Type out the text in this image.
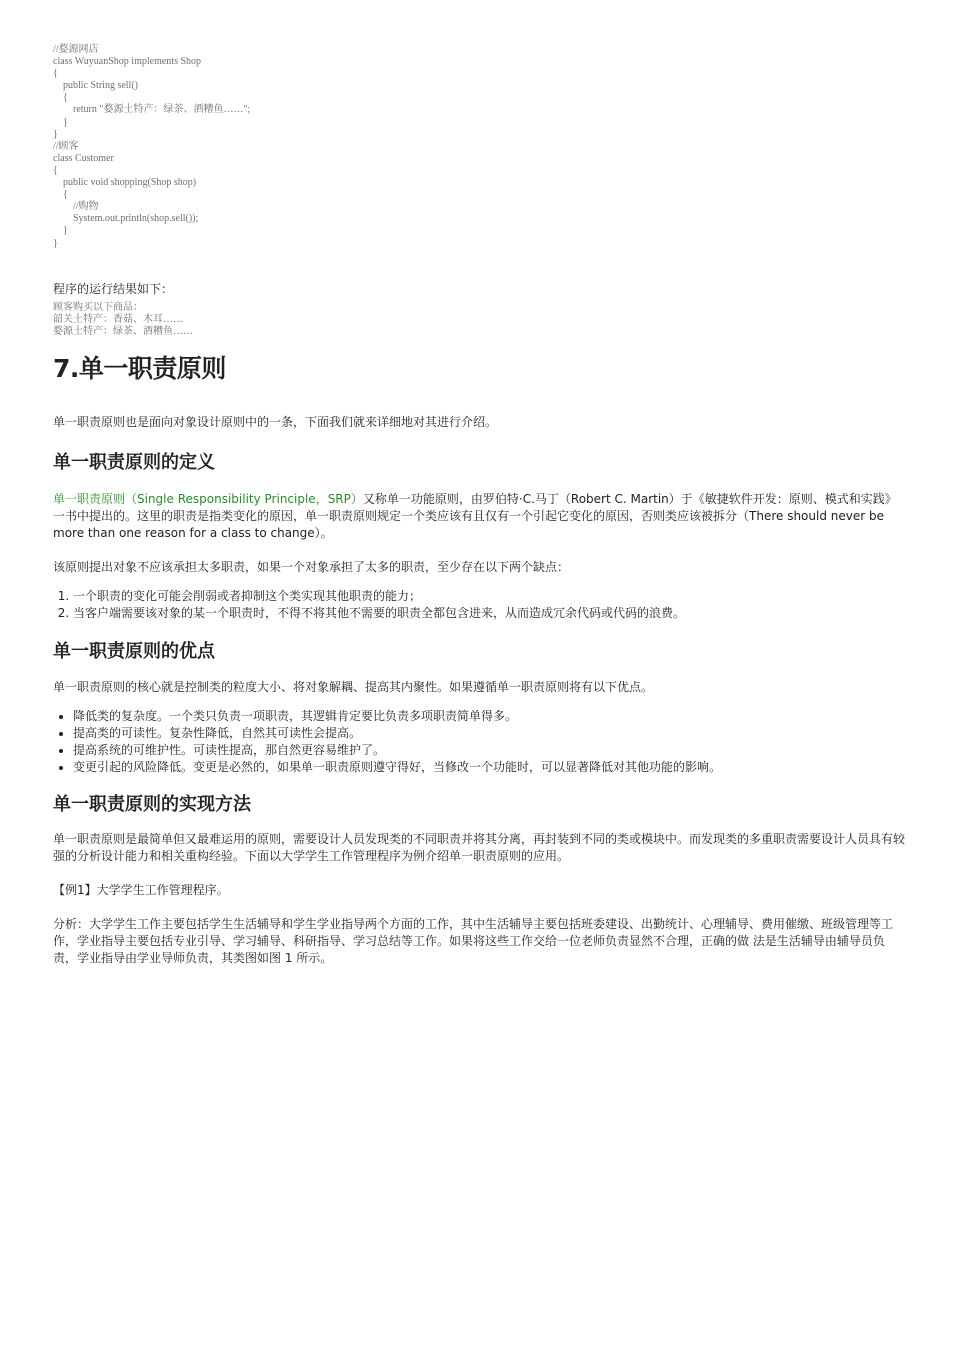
//婺源网店
class WuyuanShop implements Shop
{
public String sell()
{
return "婺源土特产：绿茶、酒糟鱼……";
}
}
//顾客
class Customer
{
public void shopping(Shop shop)
{
//购物
System.out.println(shop.sell());
}
}

程序的运行结果如下：

顾客购买以下商品：
韶关土特产：香菇、木耳……
婺源土特产：绿茶、酒糟鱼……
7.单一职责原则

单一职责原则也是面向对象设计原则中的一条，下面我们就来详细地对其进行介绍。

单一职责原则的定义

单一职责原则（Single Responsibility Principle，SRP）又称单一功能原则，由罗伯特·C.马丁（Robert C. Martin）于《敏捷软件开发：原则、模式和实践》一书中提出的。这里的职责是指类变化的原因，单一职责原则规定一个类应该有且仅有一个引起它变化的原因，否则类应该被拆分（There should never be more than one reason for a class to change）。

该原则提出对象不应该承担太多职责，如果一个对象承担了太多的职责，至少存在以下两个缺点：

1. 一个职责的变化可能会削弱或者抑制这个类实现其他职责的能力；
2. 当客户端需要该对象的某一个职责时，不得不将其他不需要的职责全都包含进来，从而造成冗余代码或代码的浪费。
单一职责原则的优点

单一职责原则的核心就是控制类的粒度大小、将对象解耦、提高其内聚性。如果遵循单一职责原则将有以下优点。

• 降低类的复杂度。一个类只负责一项职责，其逻辑肯定要比负责多项职责简单得多。
• 提高类的可读性。复杂性降低，自然其可读性会提高。
• 提高系统的可维护性。可读性提高，那自然更容易维护了。
• 变更引起的风险降低。变更是必然的，如果单一职责原则遵守得好，当修改一个功能时，可以显著降低对其他功能的影响。
单一职责原则的实现方法

单一职责原则是最简单但又最难运用的原则，需要设计人员发现类的不同职责并将其分离，再封装到不同的类或模块中。而发现类的多重职责需要设计人员具有较强的分析设计能力和相关重构经验。下面以大学学生工作管理程序为例介绍单一职责原则的应用。

【例1】大学学生工作管理程序。

分析：大学学生工作主要包括学生生活辅导和学生学业指导两个方面的工作，其中生活辅导主要包括班委建设、出勤统计、心理辅导、费用催缴、班级管理等工作，学业指导主要包括专业引导、学习辅导、科研指导、学习总结等工作。如果将这些工作交给一位老师负责显然不合理，正确的做 法是生活辅导由辅导员负责，学业指导由学业导师负责，其类图如图 1 所示。
